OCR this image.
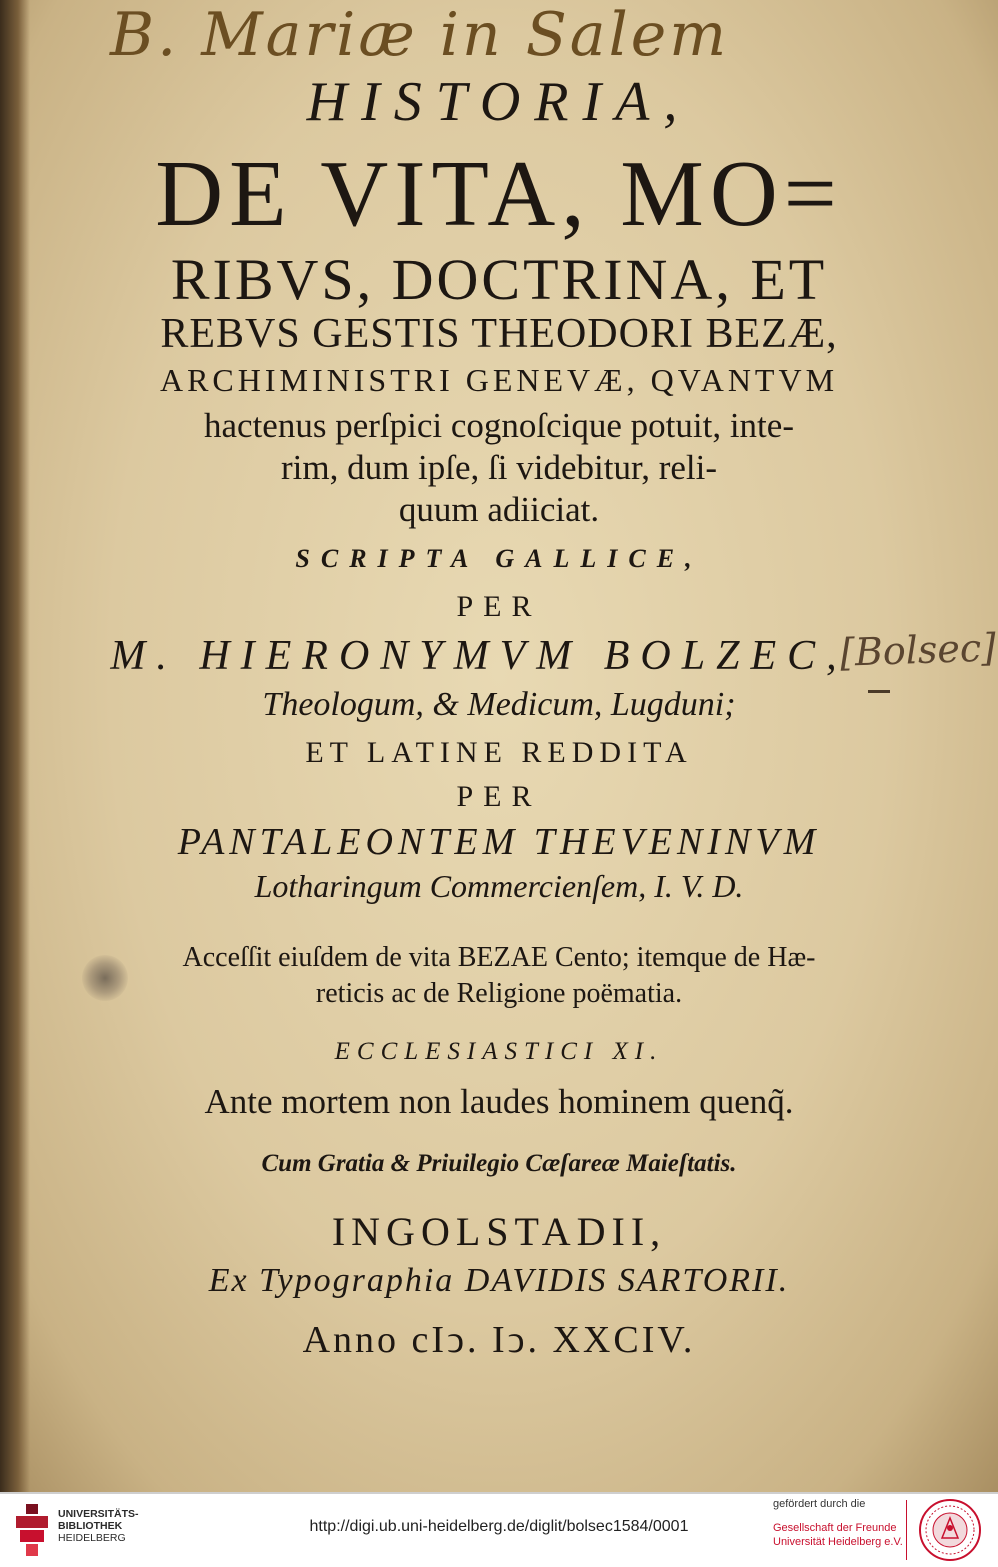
B. Mariæ in Salem
HISTORIA,
DE VITA, MO=
RIBVS, DOCTRINA, ET
REBVS GESTIS THEODORI BEZÆ,
ARCHIMINISTRI GENEVÆ, QVANTVM
hactenus perſpici cognoſcique potuit, inte-
rim, dum ipſe, ſi videbitur, reli-
quum adiiciat.
SCRIPTA GALLICE,
PER
M. HIERONYMVM BOLZEC,
Theologum, & Medicum, Lugduni;
ET LATINE REDDITA
PER
PANTALEONTEM THEVENINVM
Lotharingum Commercienſem, I. V. D.
Acceſſit eiuſdem de vita BEZAE Cento; itemque de Hæ-
reticis ac de Religione poëmatia.
ECCLESIASTICI XI.
Ante mortem non laudes hominem quenq̃.
Cum Gratia & Priuilegio Cæſareæ Maieſtatis.
INGOLSTADII,
Ex Typographia DAVIDIS SARTORII.
Anno cIↄ. Iↄ. XXCIV.
[Bolsec]
UNIVERSITÄTS-
BIBLIOTHEK
HEIDELBERG
http://digi.ub.uni-heidelberg.de/diglit/bolsec1584/0001
gefördert durch die
Gesellschaft der Freunde
Universität Heidelberg e.V.
